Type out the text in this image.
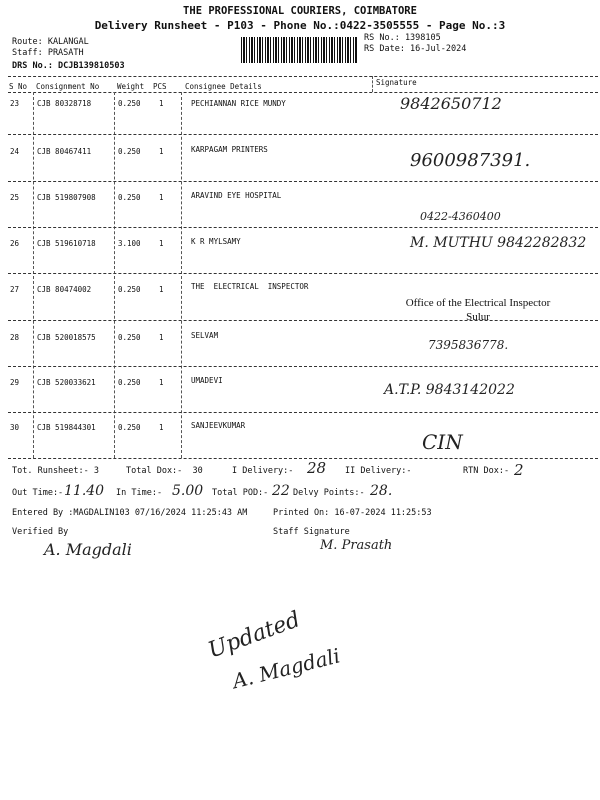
THE PROFESSIONAL COURIERS, COIMBATORE
Delivery Runsheet - P103 - Phone No.:0422-3505555 - Page No.:3
Route: KALANGAL
Staff: PRASATH
DRS No.: DCJB139810503
RS No.: 1398105
RS Date: 16-Jul-2024
S No Consignment No Weight PCS Consignee Details	Signature
23 CJB 80328718	0.250 1	PECHIANNAN RICE MUNDY	9842650712
24 CJB 80467411	0.250 1	KARPAGAM PRINTERS
9600987391.
25 CJB 519807908	0.250 1	ARAVIND EYE HOSPITAL
0422-4360400
26 CJB 519610718	3.100 1	K R MYLSAMY	M. MUTHU 9842282832
27 CJB 80474002	0.250 1	THE  ELECTRICAL  INSPECTOR
Office of the Electrical Inspector
Sulur
28 CJB 520018575	0.250 1	SELVAM
7395836778.
29 CJB 520033621	0.250 1	UMADEVI
A.T.P. 9843142022
30 CJB 519844301	0.250 1	SANJEEVKUMAR
CIN
Tot. Runsheet:- 3	Total Dox:-  30	I Delivery:- 28 II Delivery:-	RTN Dox:- 2
Out Time:- 11.40 In Time:- 5.00 Total POD:- 22 Delvy Points:- 28.
Entered By :MAGDALIN103 07/16/2024 11:25:43 AM	Printed On: 16-07-2024 11:25:53
Verified By
A. Magdali
Staff Signature
M. Prasath
Updated
A. Magdali
